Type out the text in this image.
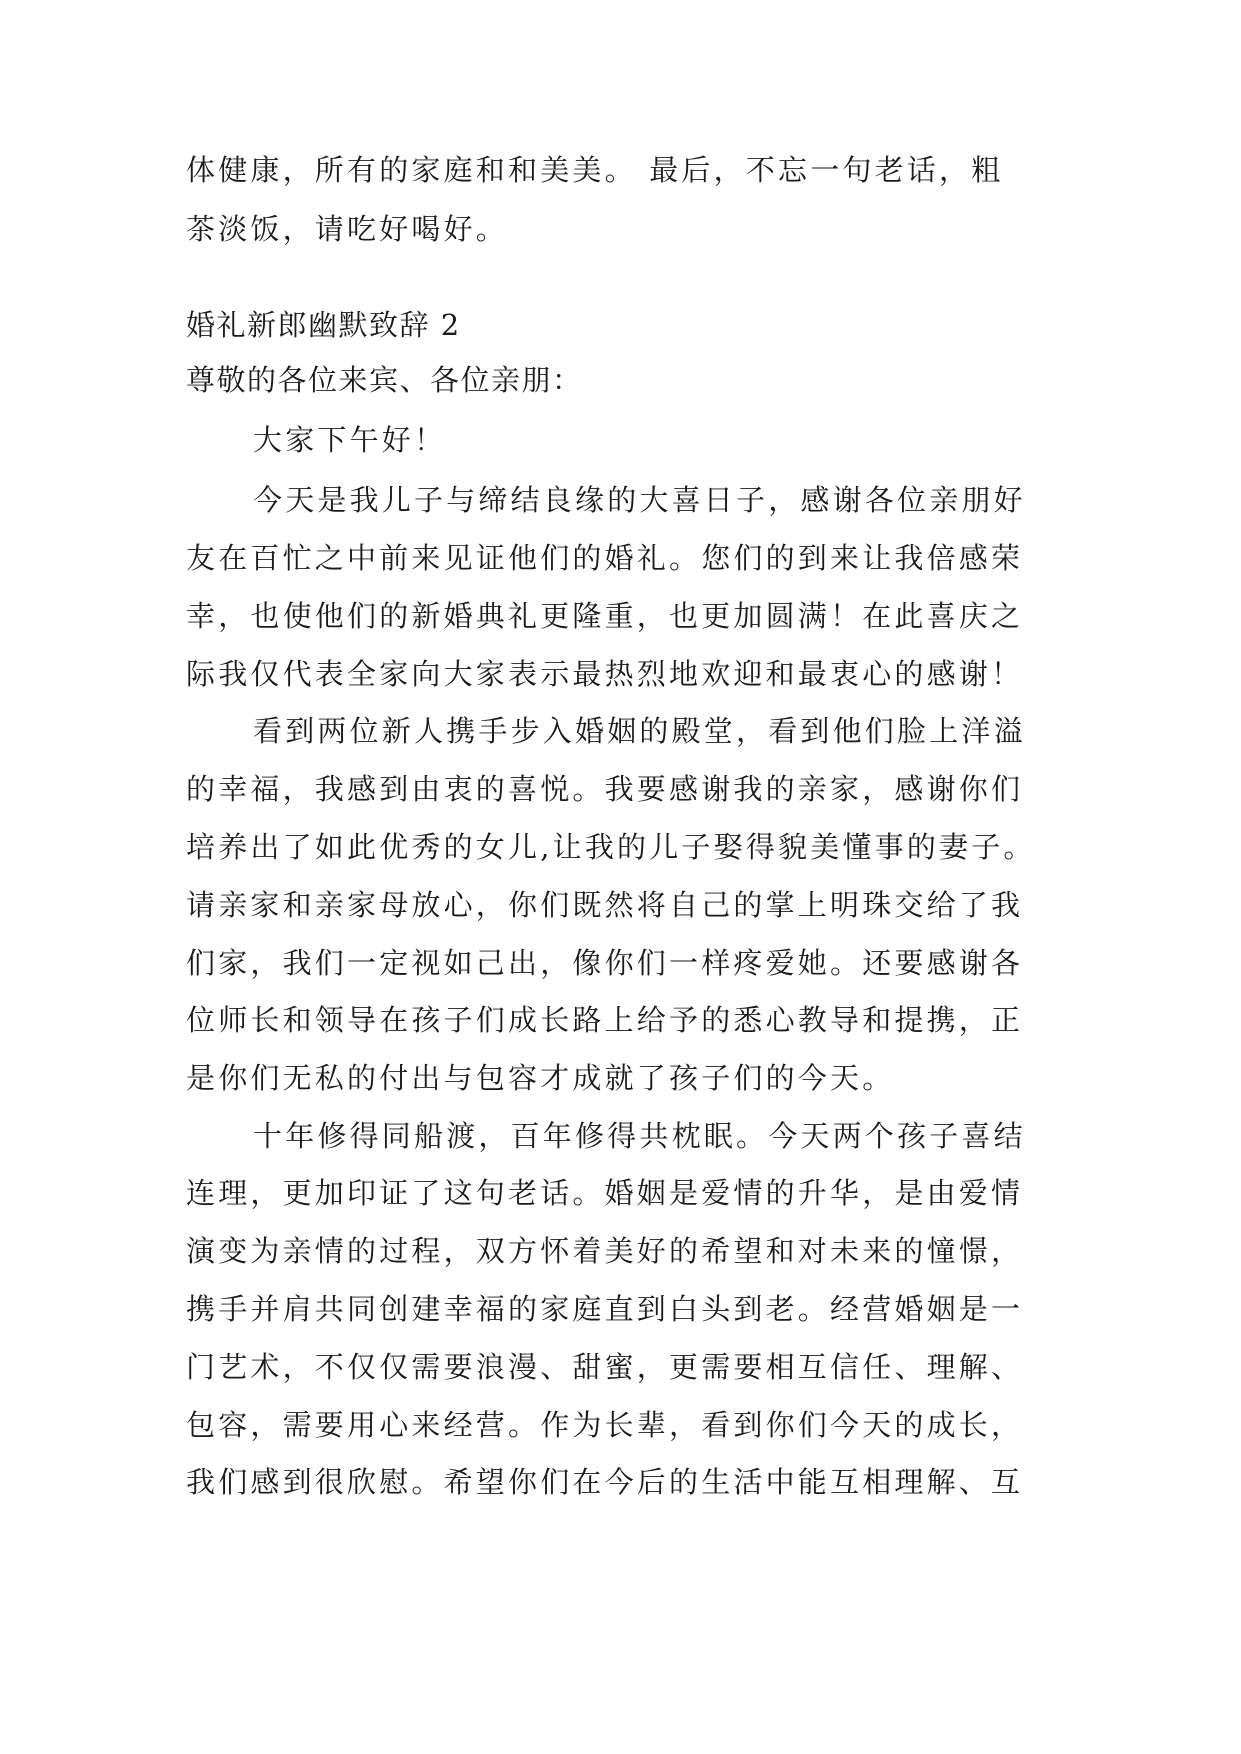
体健康，所有的家庭和和美美。 最后，不忘一句老话，粗
茶淡饭，请吃好喝好。
婚礼新郎幽默致辞 2
尊敬的各位来宾、各位亲朋：
大家下午好！
今天是我儿子与缔结良缘的大喜日子，感谢各位亲朋好
友在百忙之中前来见证他们的婚礼。您们的到来让我倍感荣
幸，也使他们的新婚典礼更隆重，也更加圆满！在此喜庆之
际我仅代表全家向大家表示最热烈地欢迎和最衷心的感谢！
看到两位新人携手步入婚姻的殿堂，看到他们脸上洋溢
的幸福，我感到由衷的喜悦。我要感谢我的亲家，感谢你们
培养出了如此优秀的女儿,让我的儿子娶得貌美懂事的妻子。
请亲家和亲家母放心，你们既然将自己的掌上明珠交给了我
们家，我们一定视如己出，像你们一样疼爱她。还要感谢各
位师长和领导在孩子们成长路上给予的悉心教导和提携，正
是你们无私的付出与包容才成就了孩子们的今天。
十年修得同船渡，百年修得共枕眠。今天两个孩子喜结
连理，更加印证了这句老话。婚姻是爱情的升华，是由爱情
演变为亲情的过程，双方怀着美好的希望和对未来的憧憬，
携手并肩共同创建幸福的家庭直到白头到老。经营婚姻是一
门艺术，不仅仅需要浪漫、甜蜜，更需要相互信任、理解、
包容，需要用心来经营。作为长辈，看到你们今天的成长，
我们感到很欣慰。希望你们在今后的生活中能互相理解、互
